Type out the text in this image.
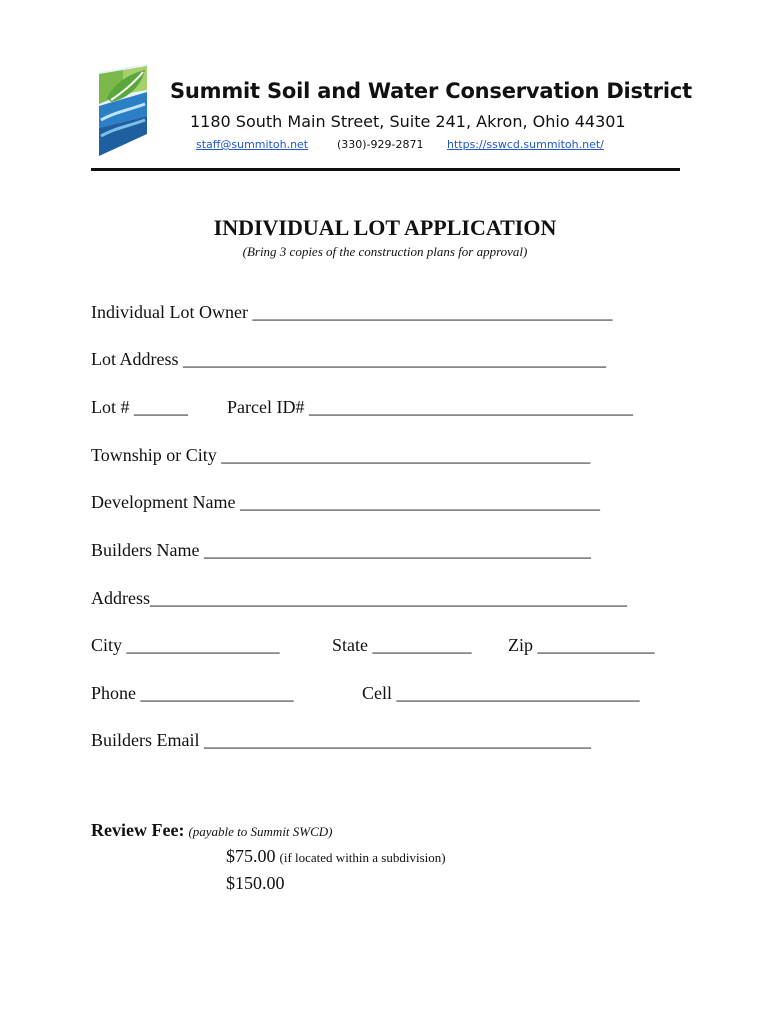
Summit Soil and Water Conservation District
1180 South Main Street, Suite 241, Akron, Ohio 44301
staff@summitoh.net	(330)-929-2871 https://sswcd.summitoh.net/
INDIVIDUAL LOT APPLICATION
(Bring 3 copies of the construction plans for approval)
Individual Lot Owner ________________________________________
Lot Address _______________________________________________
Lot # ______ Parcel ID# ____________________________________
Township or City _________________________________________
Development Name ________________________________________
Builders Name ___________________________________________
Address_____________________________________________________
City _________________	State ___________ Zip _____________
Phone _________________	Cell ___________________________
Builders Email ___________________________________________
Review Fee: (payable to Summit SWCD)
$75.00 (if located within a subdivision)
$150.00
